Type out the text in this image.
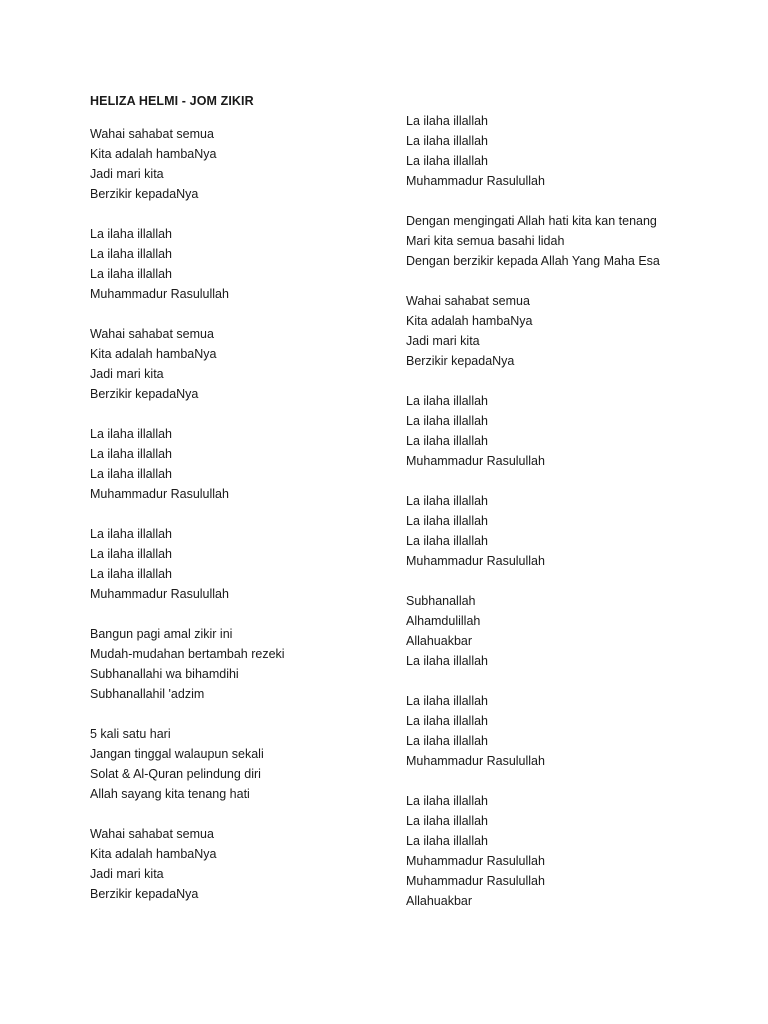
HELIZA HELMI - JOM ZIKIR
Wahai sahabat semua
Kita adalah hambaNya
Jadi mari kita
Berzikir kepadaNya
La ilaha illallah
La ilaha illallah
La ilaha illallah
Muhammadur Rasulullah
Wahai sahabat semua
Kita adalah hambaNya
Jadi mari kita
Berzikir kepadaNya
La ilaha illallah
La ilaha illallah
La ilaha illallah
Muhammadur Rasulullah
La ilaha illallah
La ilaha illallah
La ilaha illallah
Muhammadur Rasulullah
Bangun pagi amal zikir ini
Mudah-mudahan bertambah rezeki
Subhanallahi wa bihamdihi
Subhanallahil 'adzim
5 kali satu hari
Jangan tinggal walaupun sekali
Solat & Al-Quran pelindung diri
Allah sayang kita tenang hati
Wahai sahabat semua
Kita adalah hambaNya
Jadi mari kita
Berzikir kepadaNya
La ilaha illallah
La ilaha illallah
La ilaha illallah
Muhammadur Rasulullah
Dengan mengingati Allah hati kita kan tenang
Mari kita semua basahi lidah
Dengan berzikir kepada Allah Yang Maha Esa
Wahai sahabat semua
Kita adalah hambaNya
Jadi mari kita
Berzikir kepadaNya
La ilaha illallah
La ilaha illallah
La ilaha illallah
Muhammadur Rasulullah
La ilaha illallah
La ilaha illallah
La ilaha illallah
Muhammadur Rasulullah
Subhanallah
Alhamdulillah
Allahuakbar
La ilaha illallah
La ilaha illallah
La ilaha illallah
La ilaha illallah
Muhammadur Rasulullah
La ilaha illallah
La ilaha illallah
La ilaha illallah
Muhammadur Rasulullah
Muhammadur Rasulullah
Allahuakbar
